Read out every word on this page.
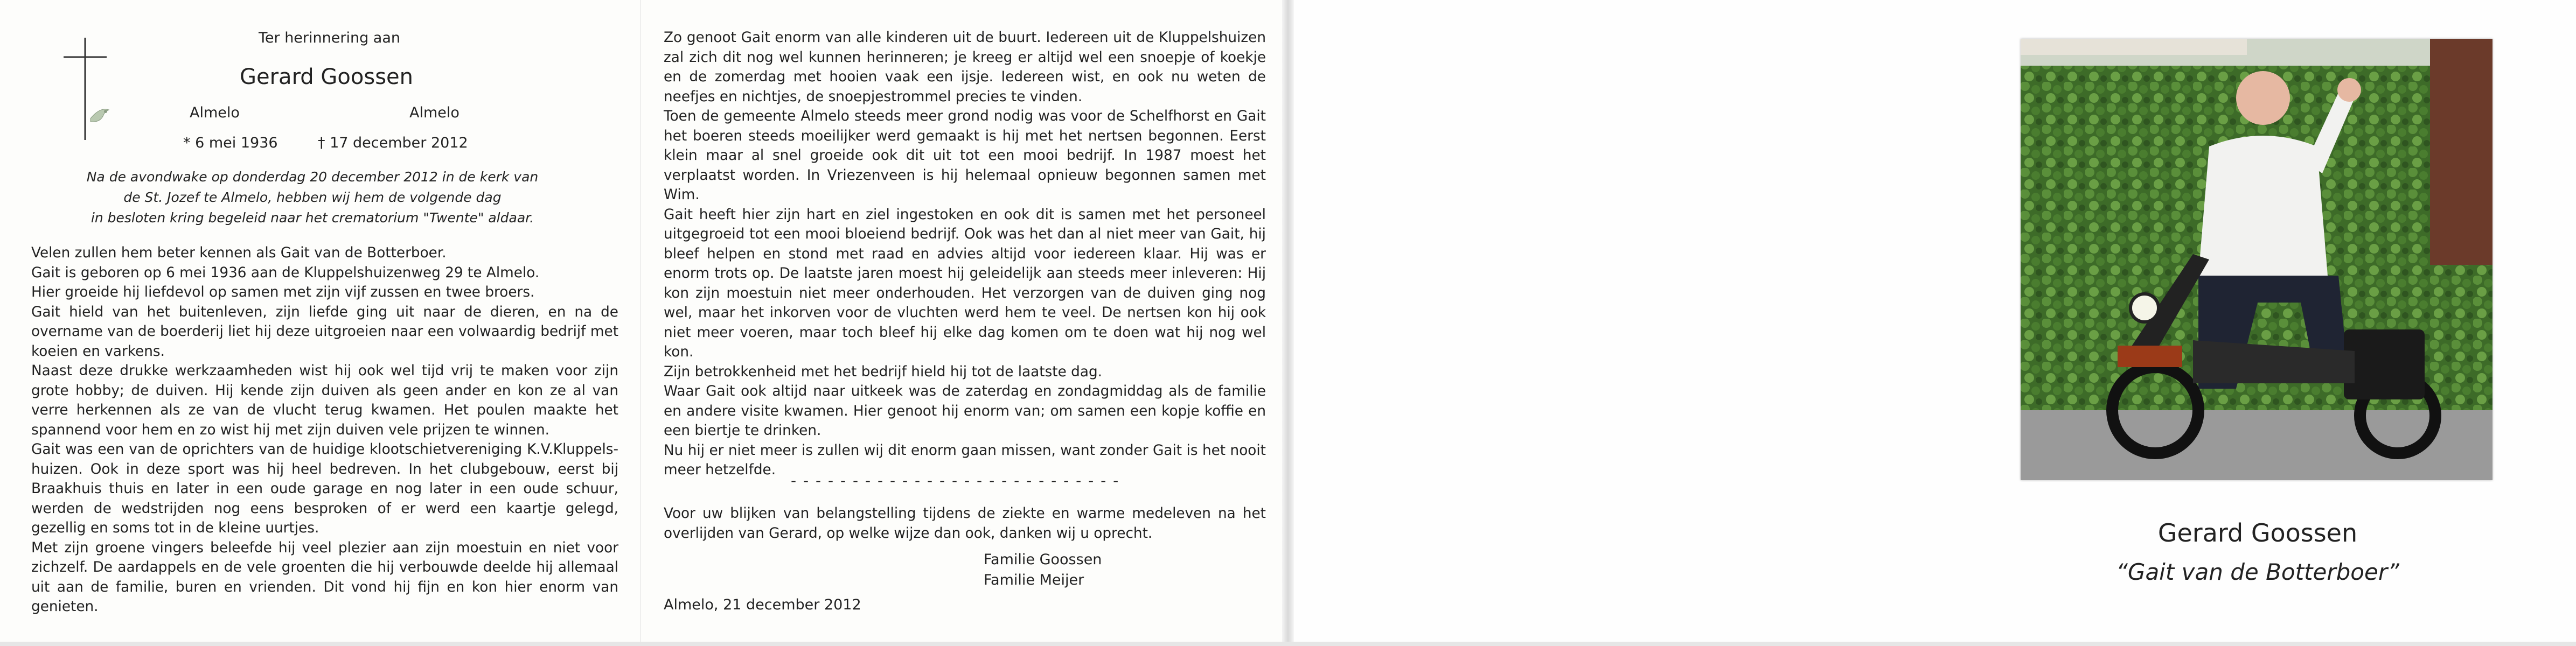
Ter herinnering aan
Gerard Goossen
Almelo	Almelo
* 6 mei 1936	† 17 december 2012
Na de avondwake op donderdag 20 december 2012 in de kerk van
de St. Jozef te Almelo, hebben wij hem de volgende dag
in besloten kring begeleid naar het crematorium "Twente" aldaar.

Velen zullen hem beter kennen als Gait van de Botterboer.

Gait is geboren op 6 mei 1936 aan de Kluppelshuizenweg 29 te Almelo.

Hier groeide hij liefdevol op samen met zijn vijf zussen en twee broers.

Gait hield van het buitenleven, zijn liefde ging uit naar de dieren, en na de overname van de boerderij liet hij deze uitgroeien naar een volwaardig bedrijf met koeien en varkens.

Naast deze drukke werkzaamheden wist hij ook wel tijd vrij te maken voor zijn grote hobby; de duiven. Hij kende zijn duiven als geen ander en kon ze al van verre herkennen als ze van de vlucht terug kwamen. Het poulen maakte het spannend voor hem en zo wist hij met zijn duiven vele prijzen te winnen.

Gait was een van de oprichters van de huidige klootschietvereniging K.V.Kluppels-huizen. Ook in deze sport was hij heel bedreven. In het clubgebouw, eerst bij Braakhuis thuis en later in een oude garage en nog later in een oude schuur, werden de wedstrijden nog eens besproken of er werd een kaartje gelegd, gezellig en soms tot in de kleine uurtjes.

Met zijn groene vingers beleefde hij veel plezier aan zijn moestuin en niet voor zichzelf. De aardappels en de vele groenten die hij verbouwde deelde hij allemaal uit aan de familie, buren en vrienden. Dit vond hij fijn en kon hier enorm van genieten.

Zo genoot Gait enorm van alle kinderen uit de buurt. Iedereen uit de Kluppelshuizen zal zich dit nog wel kunnen herinneren; je kreeg er altijd wel een snoepje of koekje en de zomerdag met hooien vaak een ijsje. Iedereen wist, en ook nu weten de neefjes en nichtjes, de snoepjestrommel precies te vinden.

Toen de gemeente Almelo steeds meer grond nodig was voor de Schelfhorst en Gait het boeren steeds moeilijker werd gemaakt is hij met het nertsen begonnen. Eerst klein maar al snel groeide ook dit uit tot een mooi bedrijf. In 1987 moest het verplaatst worden. In Vriezenveen is hij helemaal opnieuw begonnen samen met Wim.

Gait heeft hier zijn hart en ziel ingestoken en ook dit is samen met het personeel uitgegroeid tot een mooi bloeiend bedrijf. Ook was het dan al niet meer van Gait, hij bleef helpen en stond met raad en advies altijd voor iedereen klaar. Hij was er enorm trots op. De laatste jaren moest hij geleidelijk aan steeds meer inleveren: Hij kon zijn moestuin niet meer onderhouden. Het verzorgen van de duiven ging nog wel, maar het inkorven voor de vluchten werd hem te veel. De nertsen kon hij ook niet meer voeren, maar toch bleef hij elke dag komen om te doen wat hij nog wel kon.

Zijn betrokkenheid met het bedrijf hield hij tot de laatste dag.

Waar Gait ook altijd naar uitkeek was de zaterdag en zondagmiddag als de familie en andere visite kwamen. Hier genoot hij enorm van; om samen een kopje koffie en een biertje te drinken.

Nu hij er niet meer is zullen wij dit enorm gaan missen, want zonder Gait is het nooit meer hetzelfde.

- - - - - - - - - - - - - - - - - - - - - - - - - - -

Voor uw blijken van belangstelling tijdens de ziekte en warme medeleven na het overlijden van Gerard, op welke wijze dan ook, danken wij u oprecht.

Familie Goossen
Familie Meijer
Almelo, 21 december 2012
Gerard Goossen
“Gait van de Botterboer”
